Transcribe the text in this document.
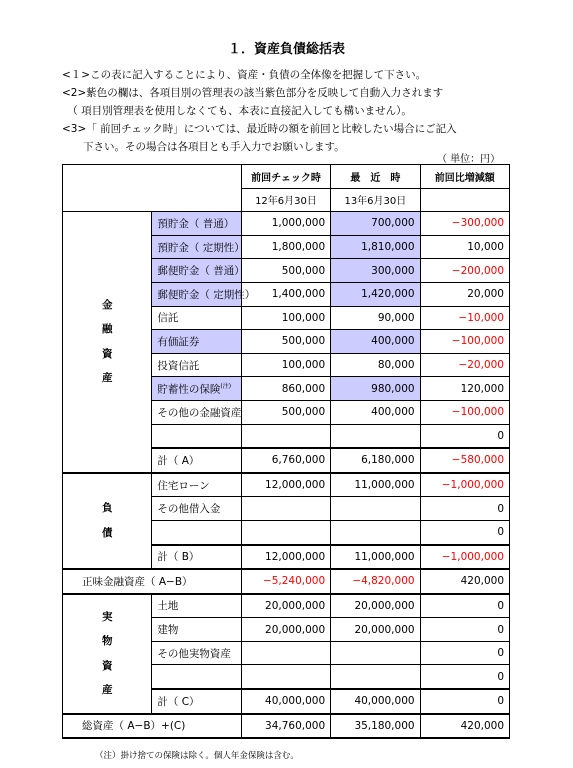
１．資産負債総括表
<１>この表に記入することにより、資産・負債の全体像を把握して下さい。
<2>紫色の欄は、各項目別の管理表の該当紫色部分を反映して自動入力されます
　（ 項目別管理表を使用しなくても、本表に直接記入しても構いません）。
<3>「 前回チェック時」については、最近時の額を前回と比較したい場合にご記入
　　下さい。その場合は各項目とも手入力でお願いします。
（ 単位：円）
		前回チェック時	最　近　時	前回比増減額
		12年6月30日	13年6月30日	

金
融
資
産	預貯金（ 普通）	1,000,000	700,000	−300,000
	預貯金（ 定期性）	1,800,000	1,810,000	10,000
	郵便貯金（ 普通）	500,000	300,000	−200,000
	郵便貯金（ 定期性）	1,400,000	1,420,000	20,000
	信託	100,000	90,000	−10,000
	有価証券	500,000	400,000	−100,000
	投資信託	100,000	80,000	−20,000
	貯蓄性の保険$^{(注)}$	860,000	980,000	120,000
	その他の金融資産	500,000	400,000	−100,000
				0
	計（ A）	6,760,000	6,180,000	−580,000

負
債	住宅ローン	12,000,000	11,000,000	−1,000,000
	その他借入金			0
				0
	計（ B）	12,000,000	11,000,000	−1,000,000
正味金融資産（ A−B）		−5,240,000	−4,820,000	420,000

実
物
資
産	土地	20,000,000	20,000,000	0
	建物	20,000,000	20,000,000	0
	その他実物資産			0
				0
	計（ C）	40,000,000	40,000,000	0
総資産（ A−B）+(C)		34,760,000	35,180,000	420,000
（注）掛け捨ての保険は除く。個人年金保険は含む。
